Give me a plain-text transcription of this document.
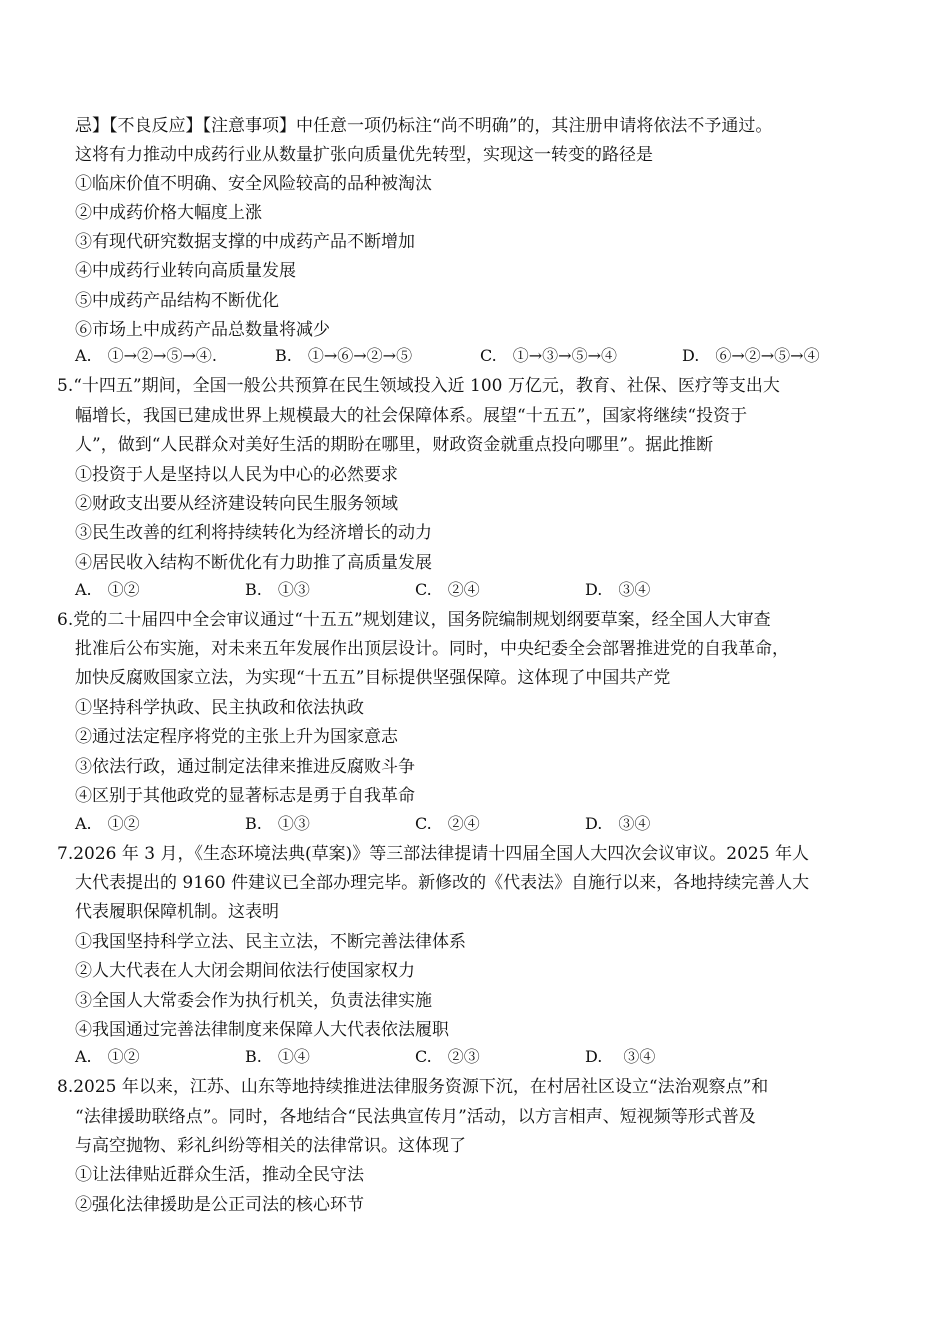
忌】【不良反应】【注意事项】中任意一项仍标注“尚不明确”的，其注册申请将依法不予通过。
这将有力推动中成药行业从数量扩张向质量优先转型，实现这一转变的路径是
①临床价值不明确、安全风险较高的品种被淘汰
②中成药价格大幅度上涨
③有现代研究数据支撑的中成药产品不断增加
④中成药行业转向高质量发展
⑤中成药产品结构不断优化
⑥市场上中成药产品总数量将减少
A.　①→②→⑤→④.	B.　①→⑥→②→⑤	C.　①→③→⑤→④	D.　⑥→②→⑤→④
5.“十四五”期间，全国一般公共预算在民生领域投入近 100 万亿元，教育、社保、医疗等支出大
幅增长，我国已建成世界上规模最大的社会保障体系。展望“十五五”，国家将继续“投资于
人”，做到“人民群众对美好生活的期盼在哪里，财政资金就重点投向哪里”。据此推断
①投资于人是坚持以人民为中心的必然要求
②财政支出要从经济建设转向民生服务领域
③民生改善的红利将持续转化为经济增长的动力
④居民收入结构不断优化有力助推了高质量发展
A.　①②	B.　①③	C.　②④	D.　③④
6.党的二十届四中全会审议通过“十五五”规划建议，国务院编制规划纲要草案，经全国人大审查
批准后公布实施，对未来五年发展作出顶层设计。同时，中央纪委全会部署推进党的自我革命，
加快反腐败国家立法，为实现“十五五”目标提供坚强保障。这体现了中国共产党
①坚持科学执政、民主执政和依法执政
②通过法定程序将党的主张上升为国家意志
③依法行政，通过制定法律来推进反腐败斗争
④区别于其他政党的显著标志是勇于自我革命
A.　①②	B.　①③	C.　②④	D.　③④
7.2026 年 3 月，《生态环境法典(草案)》等三部法律提请十四届全国人大四次会议审议。2025 年人
大代表提出的 9160 件建议已全部办理完毕。新修改的《代表法》自施行以来，各地持续完善人大
代表履职保障机制。这表明
①我国坚持科学立法、民主立法，不断完善法律体系
②人大代表在人大闭会期间依法行使国家权力
③全国人大常委会作为执行机关，负责法律实施
④我国通过完善法律制度来保障人大代表依法履职
A.　①②	B.　①④	C.　②③	D.　 ③④
8.2025 年以来，江苏、山东等地持续推进法律服务资源下沉，在村居社区设立“法治观察点”和
“法律援助联络点”。同时，各地结合“民法典宣传月”活动，以方言相声、短视频等形式普及
与高空抛物、彩礼纠纷等相关的法律常识。这体现了
①让法律贴近群众生活，推动全民守法
②强化法律援助是公正司法的核心环节
